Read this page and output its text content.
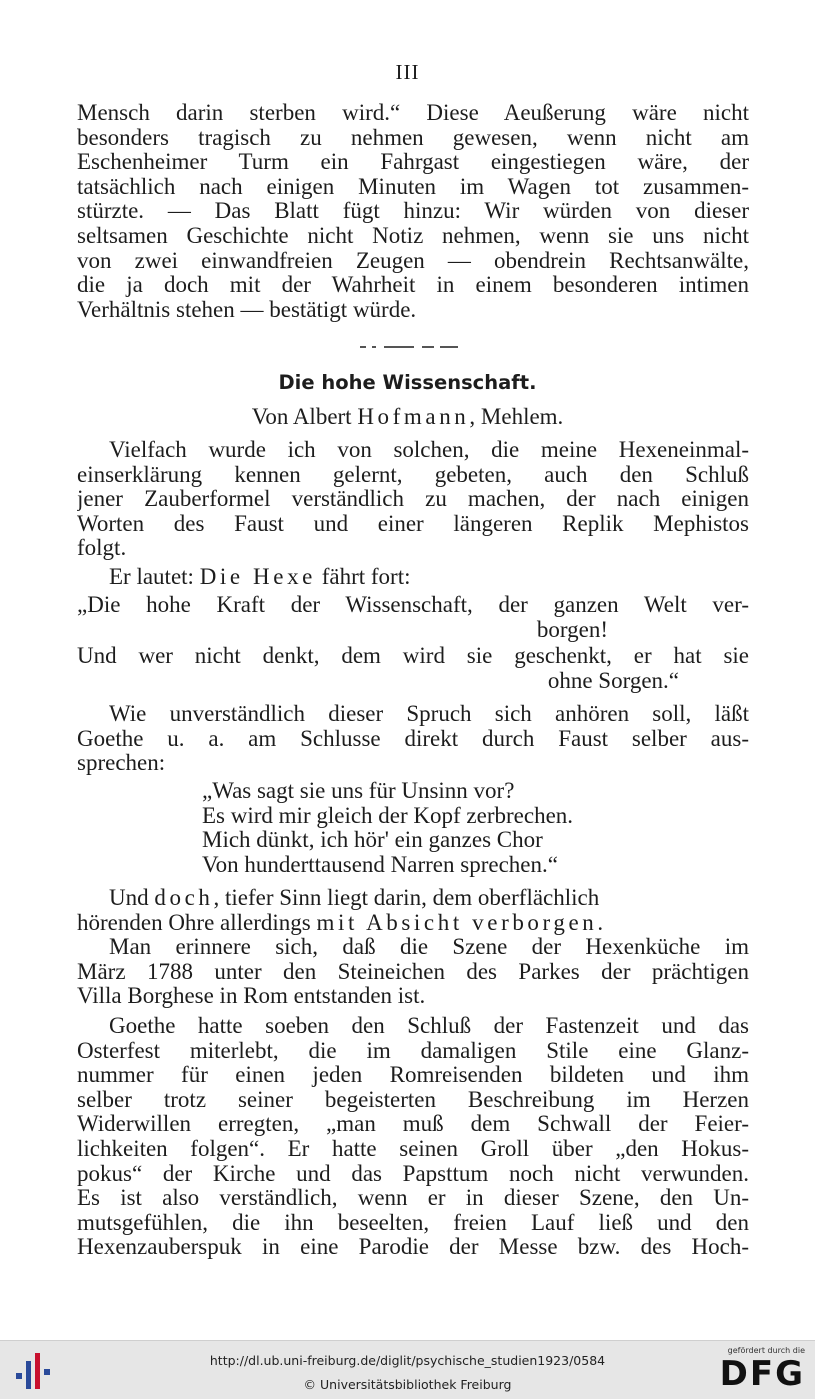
III
Mensch darin sterben wird.“ Diese Aeußerung wäre nicht
besonders tragisch zu nehmen gewesen, wenn nicht am
Eschenheimer Turm ein Fahrgast eingestiegen wäre, der
tatsächlich nach einigen Minuten im Wagen tot zusammen-
stürzte. — Das Blatt fügt hinzu: Wir würden von dieser
seltsamen Geschichte nicht Notiz nehmen, wenn sie uns nicht
von zwei einwandfreien Zeugen — obendrein Rechtsanwälte,
die ja doch mit der Wahrheit in einem besonderen intimen
Verhältnis stehen — bestätigt würde.
Die hohe Wissenschaft.
Von Albert Hofmann, Mehlem.
Vielfach wurde ich von solchen, die meine Hexeneinmal-
einserklärung kennen gelernt, gebeten, auch den Schluß
jener Zauberformel verständlich zu machen, der nach einigen
Worten des Faust und einer längeren Replik Mephistos
folgt.
Er lautet: Die Hexe fährt fort:
„Die hohe Kraft der Wissenschaft, der ganzen Welt ver-
borgen!
Und wer nicht denkt, dem wird sie geschenkt, er hat sie
ohne Sorgen.“
Wie unverständlich dieser Spruch sich anhören soll, läßt
Goethe u. a. am Schlusse direkt durch Faust selber aus-
sprechen:
„Was sagt sie uns für Unsinn vor?
Es wird mir gleich der Kopf zerbrechen.
Mich dünkt, ich hör' ein ganzes Chor
Von hunderttausend Narren sprechen.“
Und doch, tiefer Sinn liegt darin, dem oberflächlich
hörenden Ohre allerdings mit Absicht verborgen.
Man erinnere sich, daß die Szene der Hexenküche im
März 1788 unter den Steineichen des Parkes der prächtigen
Villa Borghese in Rom entstanden ist.
Goethe hatte soeben den Schluß der Fastenzeit und das
Osterfest miterlebt, die im damaligen Stile eine Glanz-
nummer für einen jeden Romreisenden bildeten und ihm
selber trotz seiner begeisterten Beschreibung im Herzen
Widerwillen erregten, „man muß dem Schwall der Feier-
lichkeiten folgen“. Er hatte seinen Groll über „den Hokus-
pokus“ der Kirche und das Papsttum noch nicht verwunden.
Es ist also verständlich, wenn er in dieser Szene, den Un-
mutsgefühlen, die ihn beseelten, freien Lauf ließ und den
Hexenzauberspuk in eine Parodie der Messe bzw. des Hoch-
http://dl.ub.uni-freiburg.de/diglit/psychische_studien1923/0584
© Universitätsbibliothek Freiburg
gefördert durch die
DFG
